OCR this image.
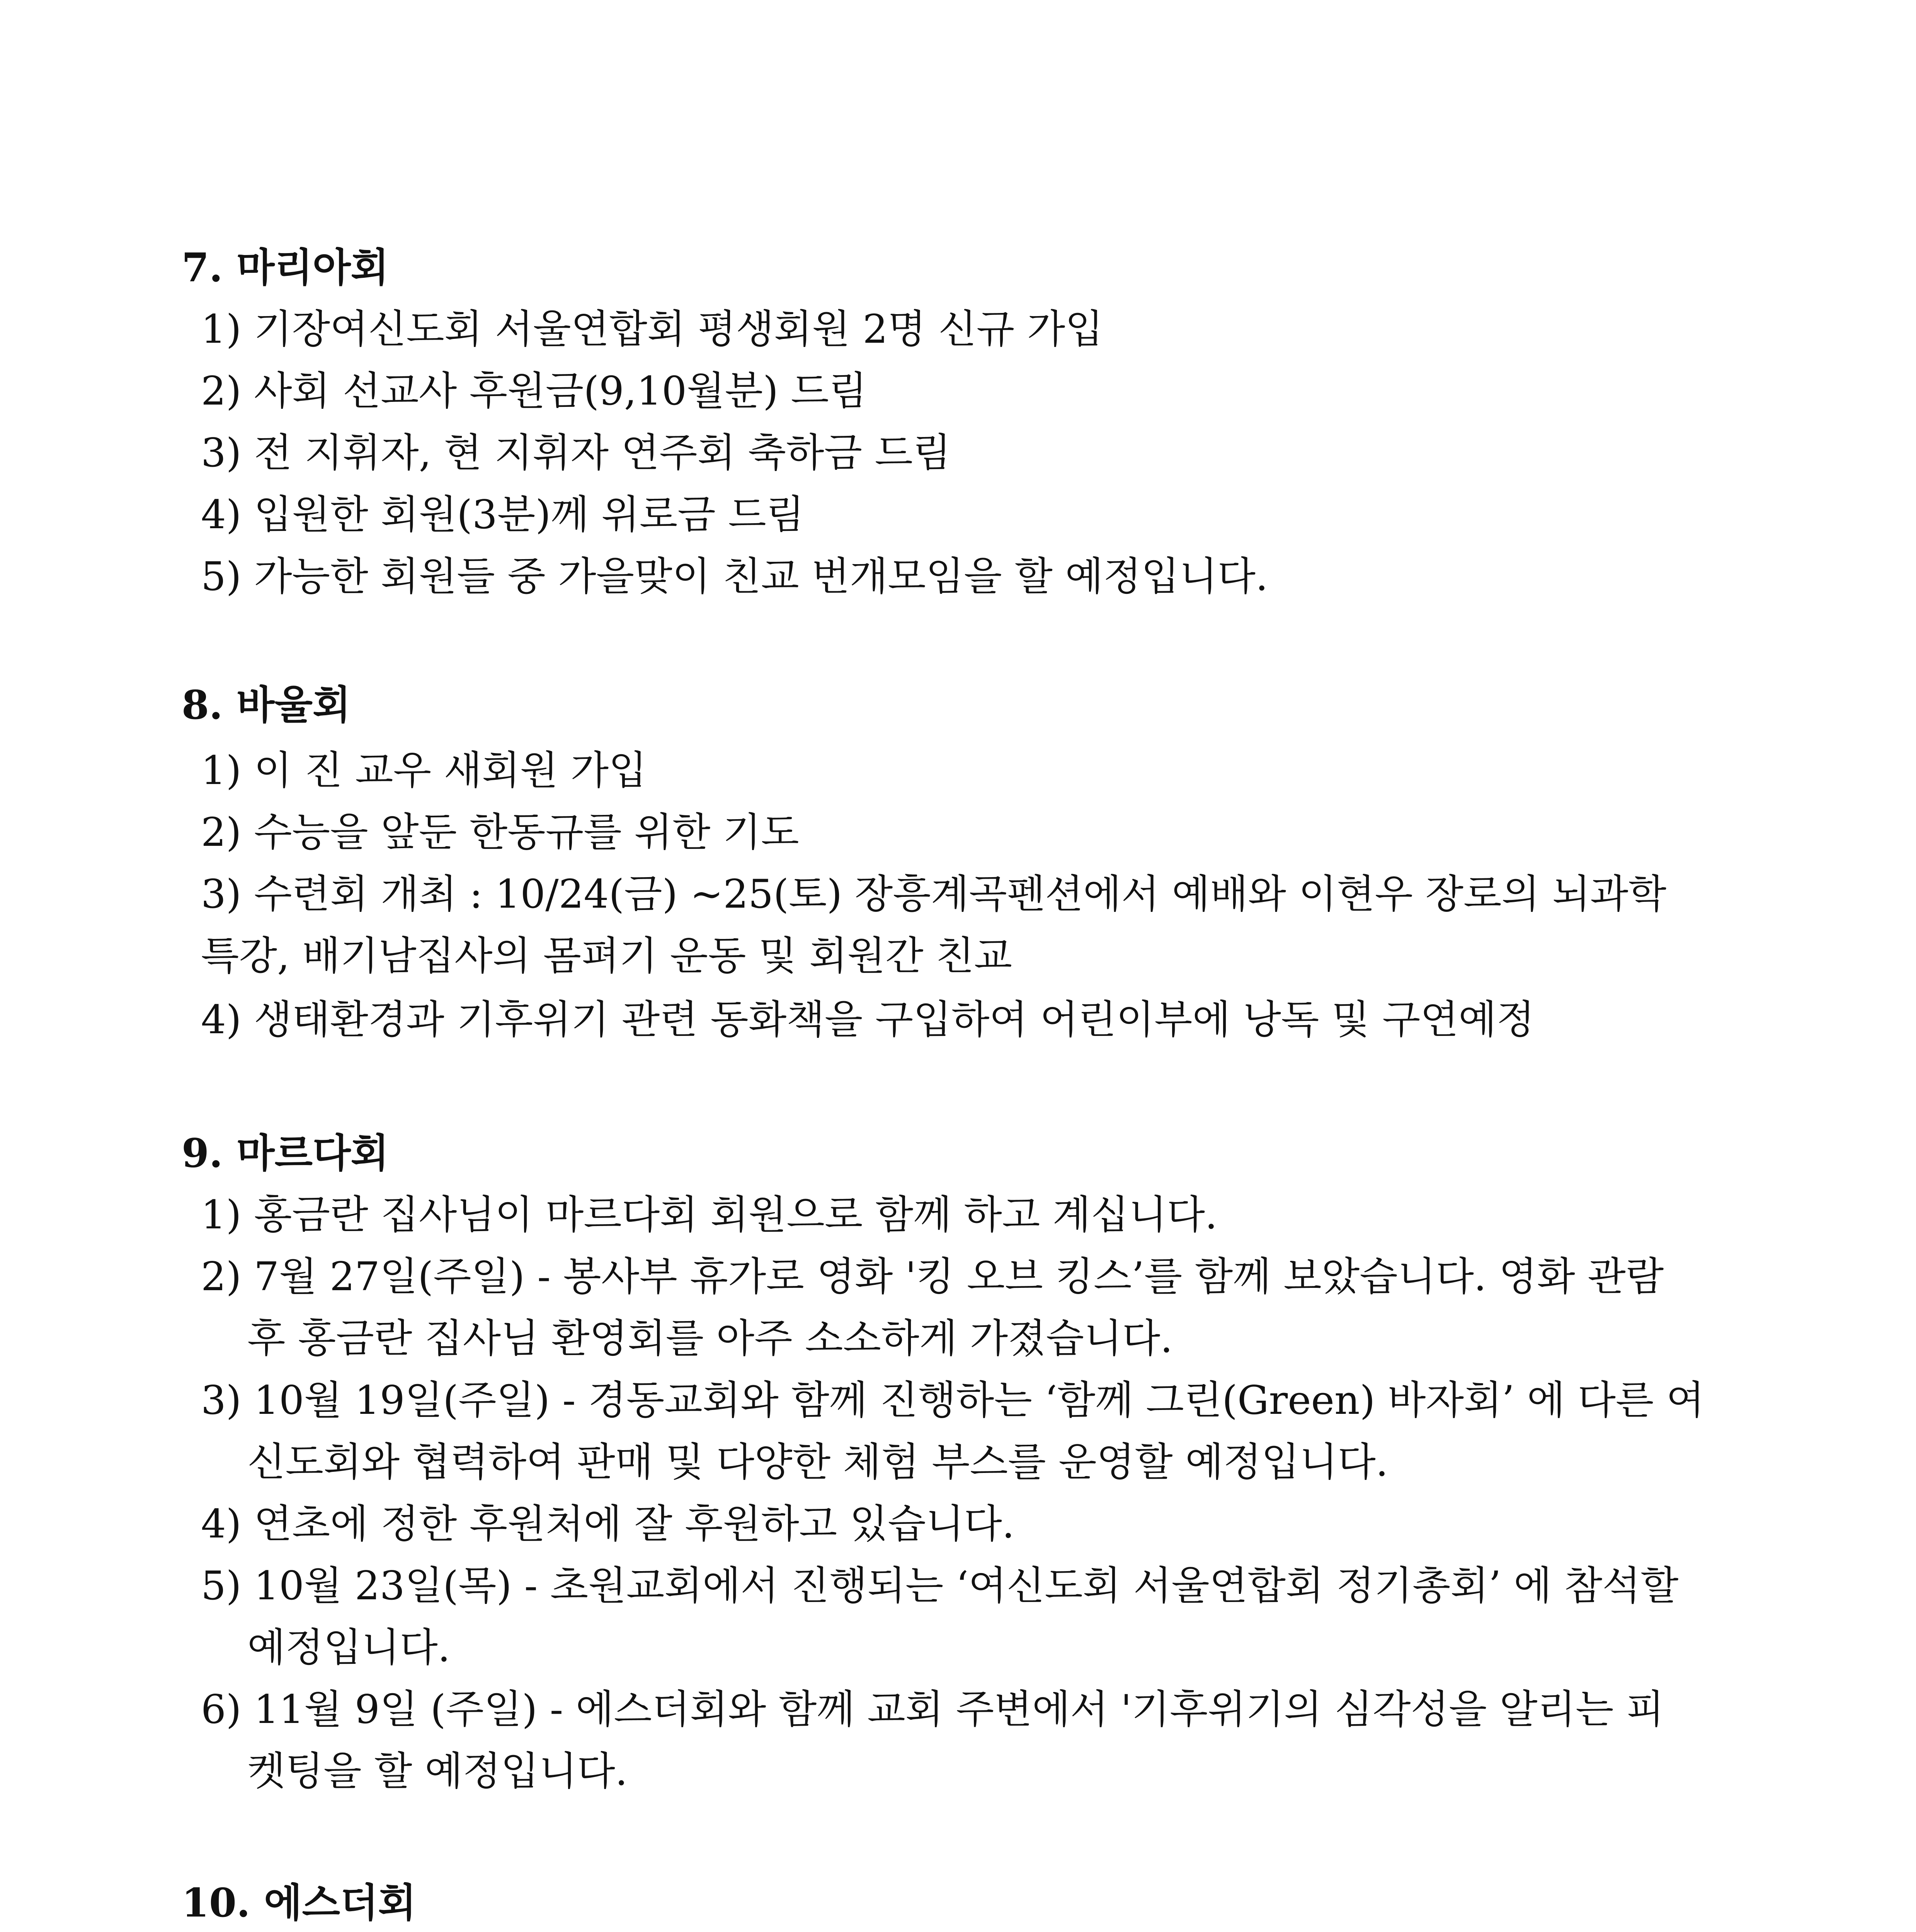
7. 마리아회
1) 기장여신도회 서울연합회 평생회원 2명 신규 가입
2) 사회 선교사 후원금(9,10월분) 드림
3) 전 지휘자, 현 지휘자 연주회 축하금 드림
4) 입원한 회원(3분)께 위로금 드림
5) 가능한 회원들 중 가을맞이 친교 번개모임을 할 예정입니다.
8. 바울회
1) 이 진 교우 새회원 가입
2) 수능을 앞둔 한동규를 위한 기도
3) 수련회 개최 : 10/24(금) ~25(토) 장흥계곡펜션에서 예배와 이현우 장로의 뇌과학
특강, 배기남집사의 몸펴기 운동 및 회원간 친교
4) 생태환경과 기후위기 관련 동화책을 구입하여 어린이부에 낭독 및 구연예정
9. 마르다회
1) 홍금란 집사님이 마르다회 회원으로 함께 하고 계십니다.
2) 7월 27일(주일) - 봉사부 휴가로 영화 '킹 오브 킹스’를 함께 보았습니다. 영화 관람
후 홍금란 집사님 환영회를 아주 소소하게 가졌습니다.
3) 10월 19일(주일) - 경동교회와 함께 진행하는 ‘함께 그린(Green) 바자회’ 에 다른 여
신도회와 협력하여 판매 및 다양한 체험 부스를 운영할 예정입니다.
4) 연초에 정한 후원처에 잘 후원하고 있습니다.
5) 10월 23일(목) - 초원교회에서 진행되는 ‘여신도회 서울연합회 정기총회’ 에 참석할
예정입니다.
6) 11월 9일 (주일) - 에스더회와 함께 교회 주변에서 '기후위기의 심각성을 알리는 피
켓팅을 할 예정입니다.
10. 에스더회
